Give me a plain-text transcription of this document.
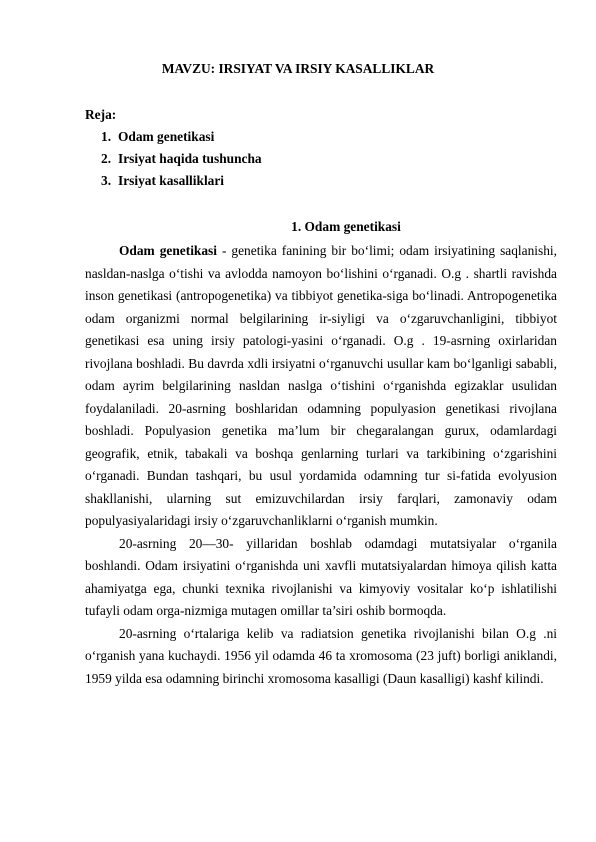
MAVZU: IRSIYAT VA IRSIY KASALLIKLAR
Reja:
1. Odam genetikasi
2. Irsiyat haqida tushuncha
3. Irsiyat kasalliklari
1. Odam genetikasi

Odam genetikasi - genetika fanining bir bo‘limi; odam irsiyatining saqlanishi, nasldan-naslga o‘tishi va avlodda namoyon bo‘lishini o‘rganadi. O.g . shartli ravishda inson genetikasi (antropogenetika) va tibbiyot genetika-siga bo‘linadi. Antropogenetika odam organizmi normal belgilarining ir-siyligi va o‘zgaruvchanligini, tibbiyot genetikasi esa uning irsiy patologi-yasini o‘rganadi. O.g . 19-asrning oxirlaridan rivojlana boshladi. Bu davrda xdli irsiyatni o‘rganuvchi usullar kam bo‘lganligi sababli, odam ayrim belgilarining nasldan naslga o‘tishini o‘rganishda egizaklar usulidan foydalaniladi. 20-asrning boshlaridan odamning populyasion genetikasi rivojlana boshladi. Populyasion genetika ma’lum bir chegaralangan gurux, odamlardagi geografik, etnik, tabakali va boshqa genlarning turlari va tarkibining o‘zgarishini o‘rganadi. Bundan tashqari, bu usul yordamida odamning tur si-fatida evolyusion shakllanishi, ularning sut emizuvchilardan irsiy farqlari, zamonaviy odam populyasiyalaridagi irsiy o‘zgaruvchanliklarni o‘rganish mumkin.

20-asrning 20—30- yillaridan boshlab odamdagi mutatsiyalar o‘rganila boshlandi. Odam irsiyatini o‘rganishda uni xavfli mutatsiyalardan himoya qilish katta ahamiyatga ega, chunki texnika rivojlanishi va kimyoviy vositalar ko‘p ishlatilishi tufayli odam orga-nizmiga mutagen omillar ta’siri oshib bormoqda.

20-asrning o‘rtalariga kelib va radiatsion genetika rivojlanishi bilan O.g .ni o‘rganish yana kuchaydi. 1956 yil odamda 46 ta xromosoma (23 juft) borligi aniklandi, 1959 yilda esa odamning birinchi xromosoma kasalligi (Daun kasalligi) kashf kilindi.
